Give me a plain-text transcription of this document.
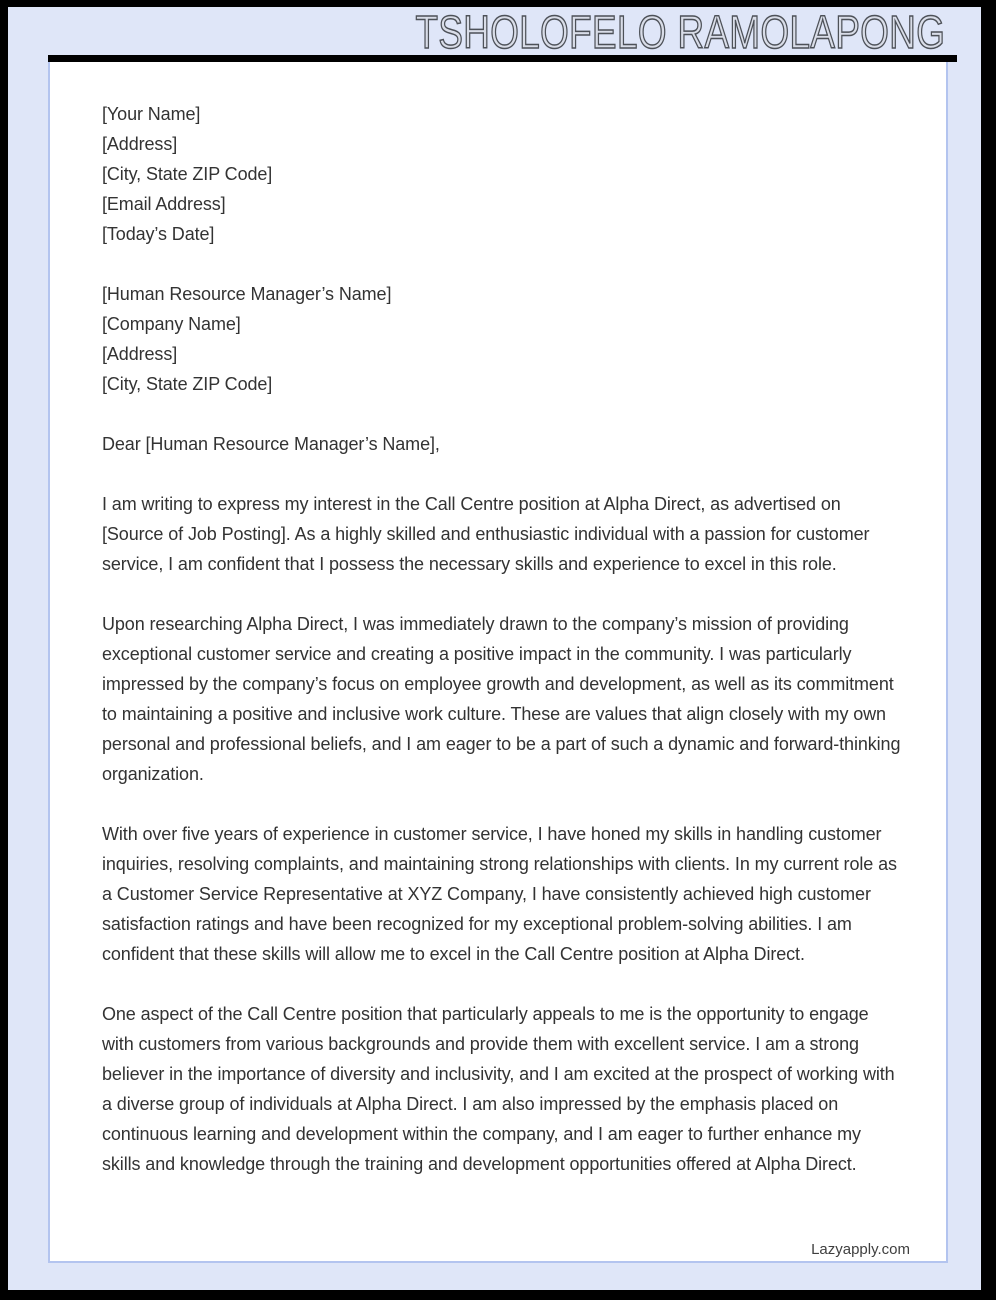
TSHOLOFELO RAMOLAPONG
[Your Name]
[Address]
[City, State ZIP Code]
[Email Address]
[Today’s Date]
[Human Resource Manager’s Name]
[Company Name]
[Address]
[City, State ZIP Code]
Dear [Human Resource Manager’s Name],
I am writing to express my interest in the Call Centre position at Alpha Direct, as advertised on [Source of Job Posting]. As a highly skilled and enthusiastic individual with a passion for customer service, I am confident that I possess the necessary skills and experience to excel in this role.
Upon researching Alpha Direct, I was immediately drawn to the company’s mission of providing exceptional customer service and creating a positive impact in the community. I was particularly impressed by the company’s focus on employee growth and development, as well as its commitment to maintaining a positive and inclusive work culture. These are values that align closely with my own personal and professional beliefs, and I am eager to be a part of such a dynamic and forward-thinking organization.
With over five years of experience in customer service, I have honed my skills in handling customer inquiries, resolving complaints, and maintaining strong relationships with clients. In my current role as a Customer Service Representative at XYZ Company, I have consistently achieved high customer satisfaction ratings and have been recognized for my exceptional problem-solving abilities. I am confident that these skills will allow me to excel in the Call Centre position at Alpha Direct.
One aspect of the Call Centre position that particularly appeals to me is the opportunity to engage with customers from various backgrounds and provide them with excellent service. I am a strong believer in the importance of diversity and inclusivity, and I am excited at the prospect of working with a diverse group of individuals at Alpha Direct. I am also impressed by the emphasis placed on continuous learning and development within the company, and I am eager to further enhance my skills and knowledge through the training and development opportunities offered at Alpha Direct.
Lazyapply.com
